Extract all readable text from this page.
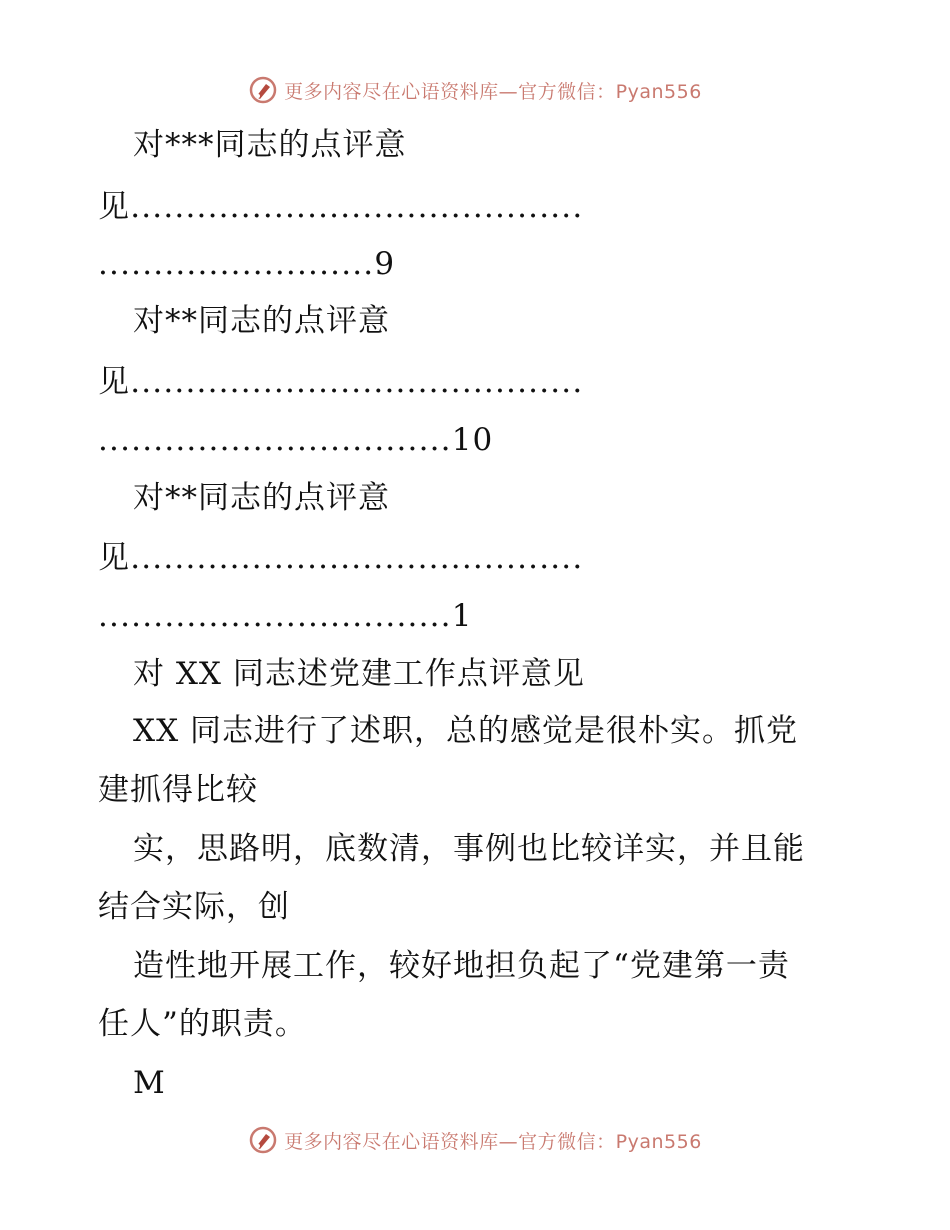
更多内容尽在心语资料库—官方微信：Pyan556
对***同志的点评意
见.........................................
.........................9
对**同志的点评意
见.........................................
................................10
对**同志的点评意
见.........................................
................................1
对 XX 同志述党建工作点评意见
XX 同志进行了述职，总的感觉是很朴实。抓党
建抓得比较
实，思路明，底数清，事例也比较详实，并且能
结合实际，创
造性地开展工作，较好地担负起了“党建第一责
任人”的职责。
M
更多内容尽在心语资料库—官方微信：Pyan556
